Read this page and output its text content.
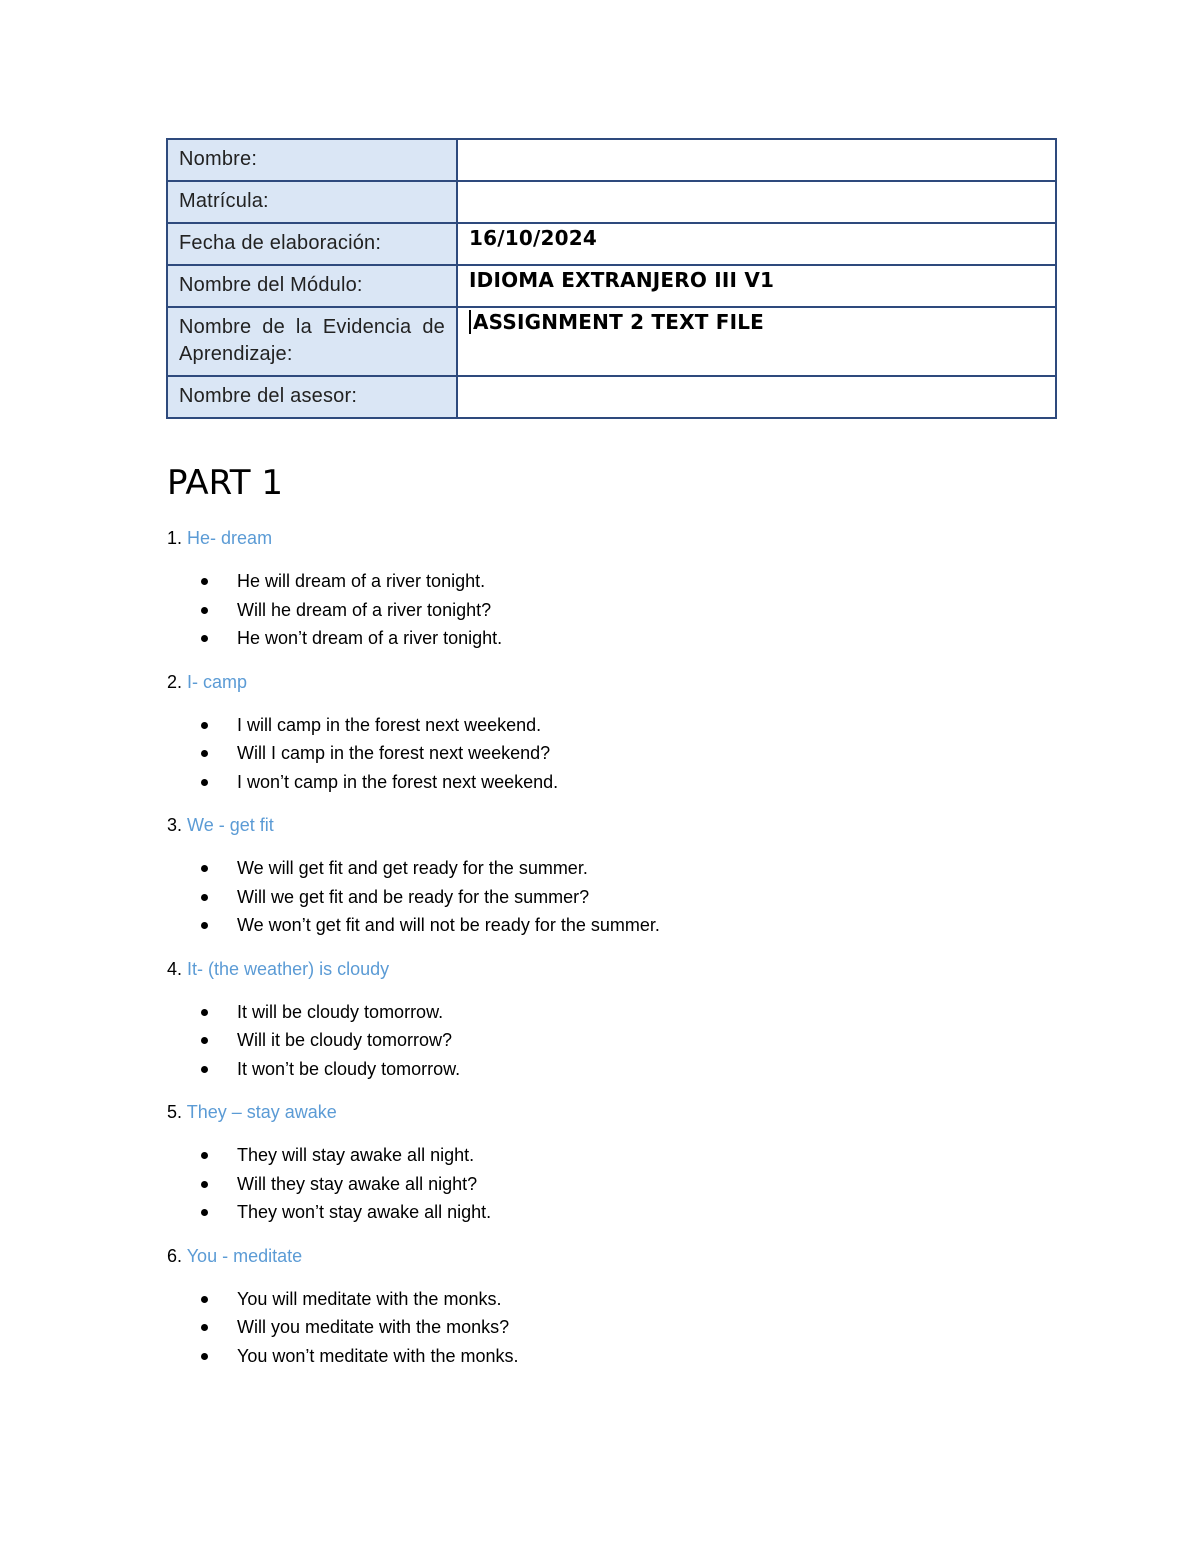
Nombre:	
Matrícula:	
Fecha de elaboración:	16/10/2024
Nombre del Módulo:	IDIOMA EXTRANJERO III V1
Nombre de la Evidencia de Aprendizaje:	ASSIGNMENT 2 TEXT FILE
Nombre del asesor:	
PART 1

1. He- dream

He will dream of a river tonight.
Will he dream of a river tonight?
He won’t dream of a river tonight.

2. I- camp

I will camp in the forest next weekend.
Will I camp in the forest next weekend?
I won’t camp in the forest next weekend.

3. We - get fit

We will get fit and get ready for the summer.
Will we get fit and be ready for the summer?
We won’t get fit and will not be ready for the summer.

4. It- (the weather) is cloudy

It will be cloudy tomorrow.
Will it be cloudy tomorrow?
It won’t be cloudy tomorrow.

5. They – stay awake

They will stay awake all night.
Will they stay awake all night?
They won’t stay awake all night.

6. You - meditate

You will meditate with the monks.
Will you meditate with the monks?
You won’t meditate with the monks.
